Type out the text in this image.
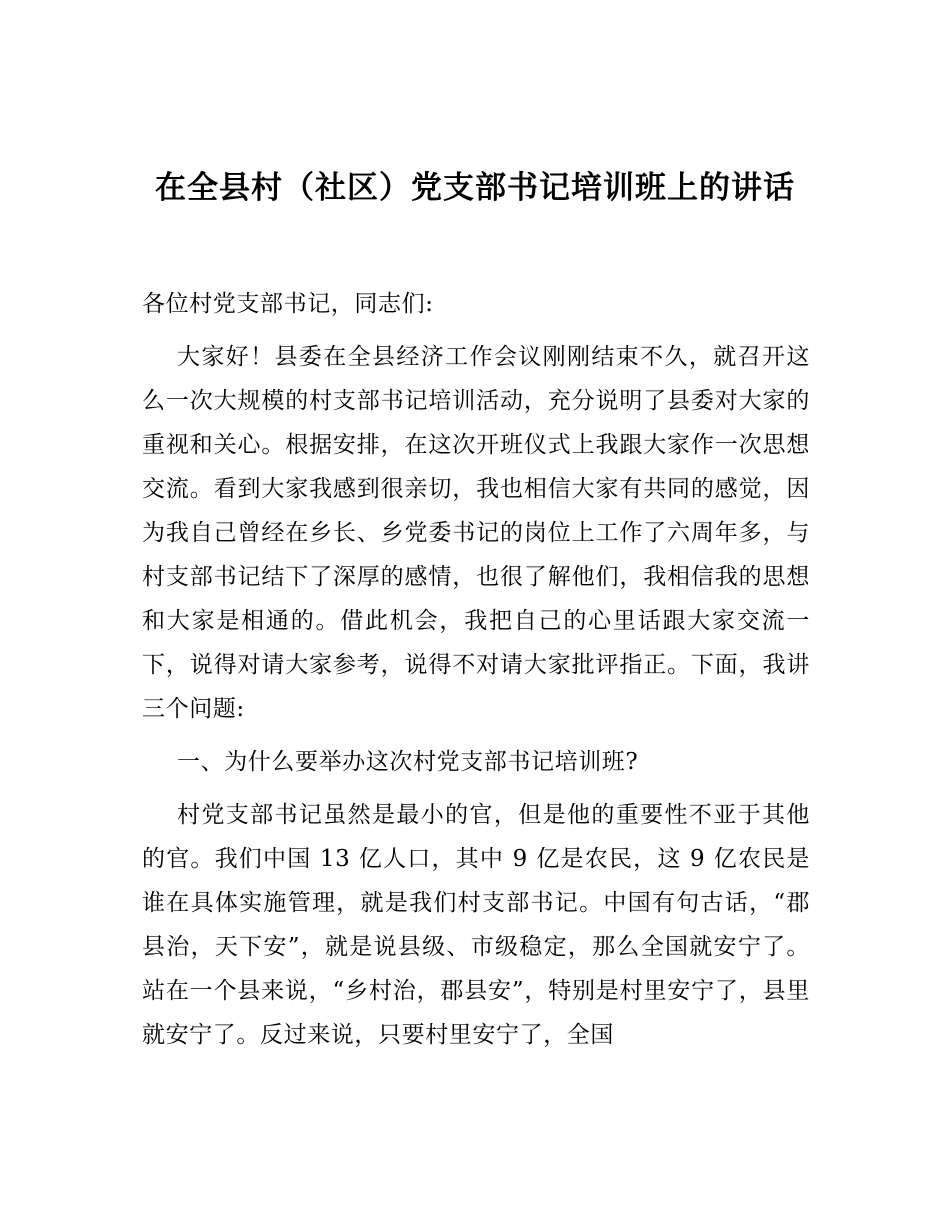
在全县村（社区）党支部书记培训班上的讲话

各位村党支部书记，同志们:

大家好！县委在全县经济工作会议刚刚结束不久，就召开这么一次大规模的村支部书记培训活动，充分说明了县委对大家的重视和关心。根据安排，在这次开班仪式上我跟大家作一次思想交流。看到大家我感到很亲切，我也相信大家有共同的感觉，因为我自己曾经在乡长、乡党委书记的岗位上工作了六周年多，与村支部书记结下了深厚的感情，也很了解他们，我相信我的思想和大家是相通的。借此机会，我把自己的心里话跟大家交流一下，说得对请大家参考，说得不对请大家批评指正。下面，我讲三个问题:

一、为什么要举办这次村党支部书记培训班?

村党支部书记虽然是最小的官，但是他的重要性不亚于其他的官。我们中国 13 亿人口，其中 9 亿是农民，这 9 亿农民是谁在具体实施管理，就是我们村支部书记。中国有句古话，“郡县治，天下安”，就是说县级、市级稳定，那么全国就安宁了。站在一个县来说，“乡村治，郡县安”，特别是村里安宁了，县里就安宁了。反过来说，只要村里安宁了，全国
